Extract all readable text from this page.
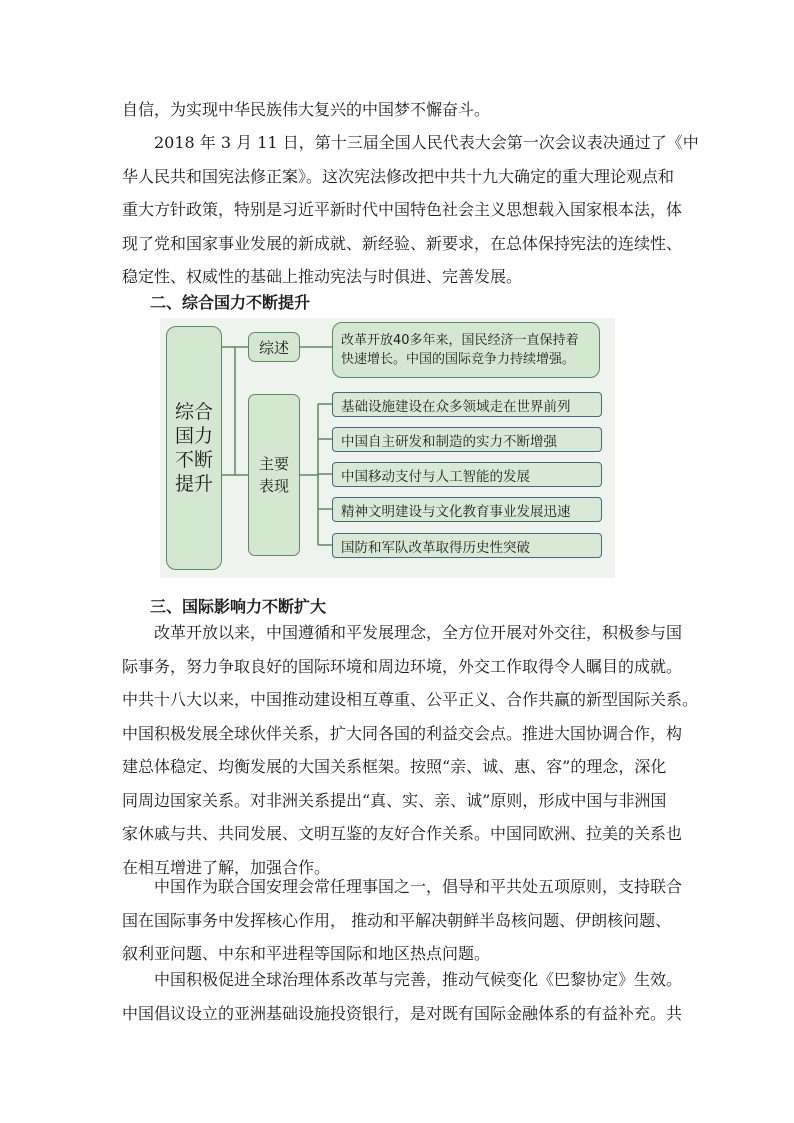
自信，为实现中华民族伟大复兴的中国梦不懈奋斗。
　　2018 年 3 月 11 日，第十三届全国人民代表大会第一次会议表决通过了《中
华人民共和国宪法修正案》。这次宪法修改把中共十九大确定的重大理论观点和
重大方针政策，特别是习近平新时代中国特色社会主义思想载入国家根本法，体
现了党和国家事业发展的新成就、新经验、新要求，在总体保持宪法的连续性、
稳定性、权威性的基础上推动宪法与时俱进、完善发展。
二、综合国力不断提升
综合国力不断提升
综述
主要表现
改革开放40多年来，国民经济一直保持着快速增长。中国的国际竞争力持续增强。
基础设施建设在众多领域走在世界前列
中国自主研发和制造的实力不断增强
中国移动支付与人工智能的发展
精神文明建设与文化教育事业发展迅速
国防和军队改革取得历史性突破
三、国际影响力不断扩大
　　改革开放以来，中国遵循和平发展理念，全方位开展对外交往，积极参与国
际事务，努力争取良好的国际环境和周边环境，外交工作取得令人瞩目的成就。
中共十八大以来，中国推动建设相互尊重、公平正义、合作共赢的新型国际关系。
中国积极发展全球伙伴关系，扩大同各国的利益交会点。推进大国协调合作，构
建总体稳定、均衡发展的大国关系框架。按照“亲、诚、惠、容”的理念，深化
同周边国家关系。对非洲关系提出“真、实、亲、诚”原则，形成中国与非洲国
家休戚与共、共同发展、文明互鉴的友好合作关系。中国同欧洲、拉美的关系也
在相互增进了解，加强合作。
　　中国作为联合国安理会常任理事国之一，倡导和平共处五项原则，支持联合
国在国际事务中发挥核心作用， 推动和平解决朝鲜半岛核问题、伊朗核问题、
叙利亚问题、中东和平进程等国际和地区热点问题。
　　中国积极促进全球治理体系改革与完善，推动气候变化《巴黎协定》生效。
中国倡议设立的亚洲基础设施投资银行，是对既有国际金融体系的有益补充。共
